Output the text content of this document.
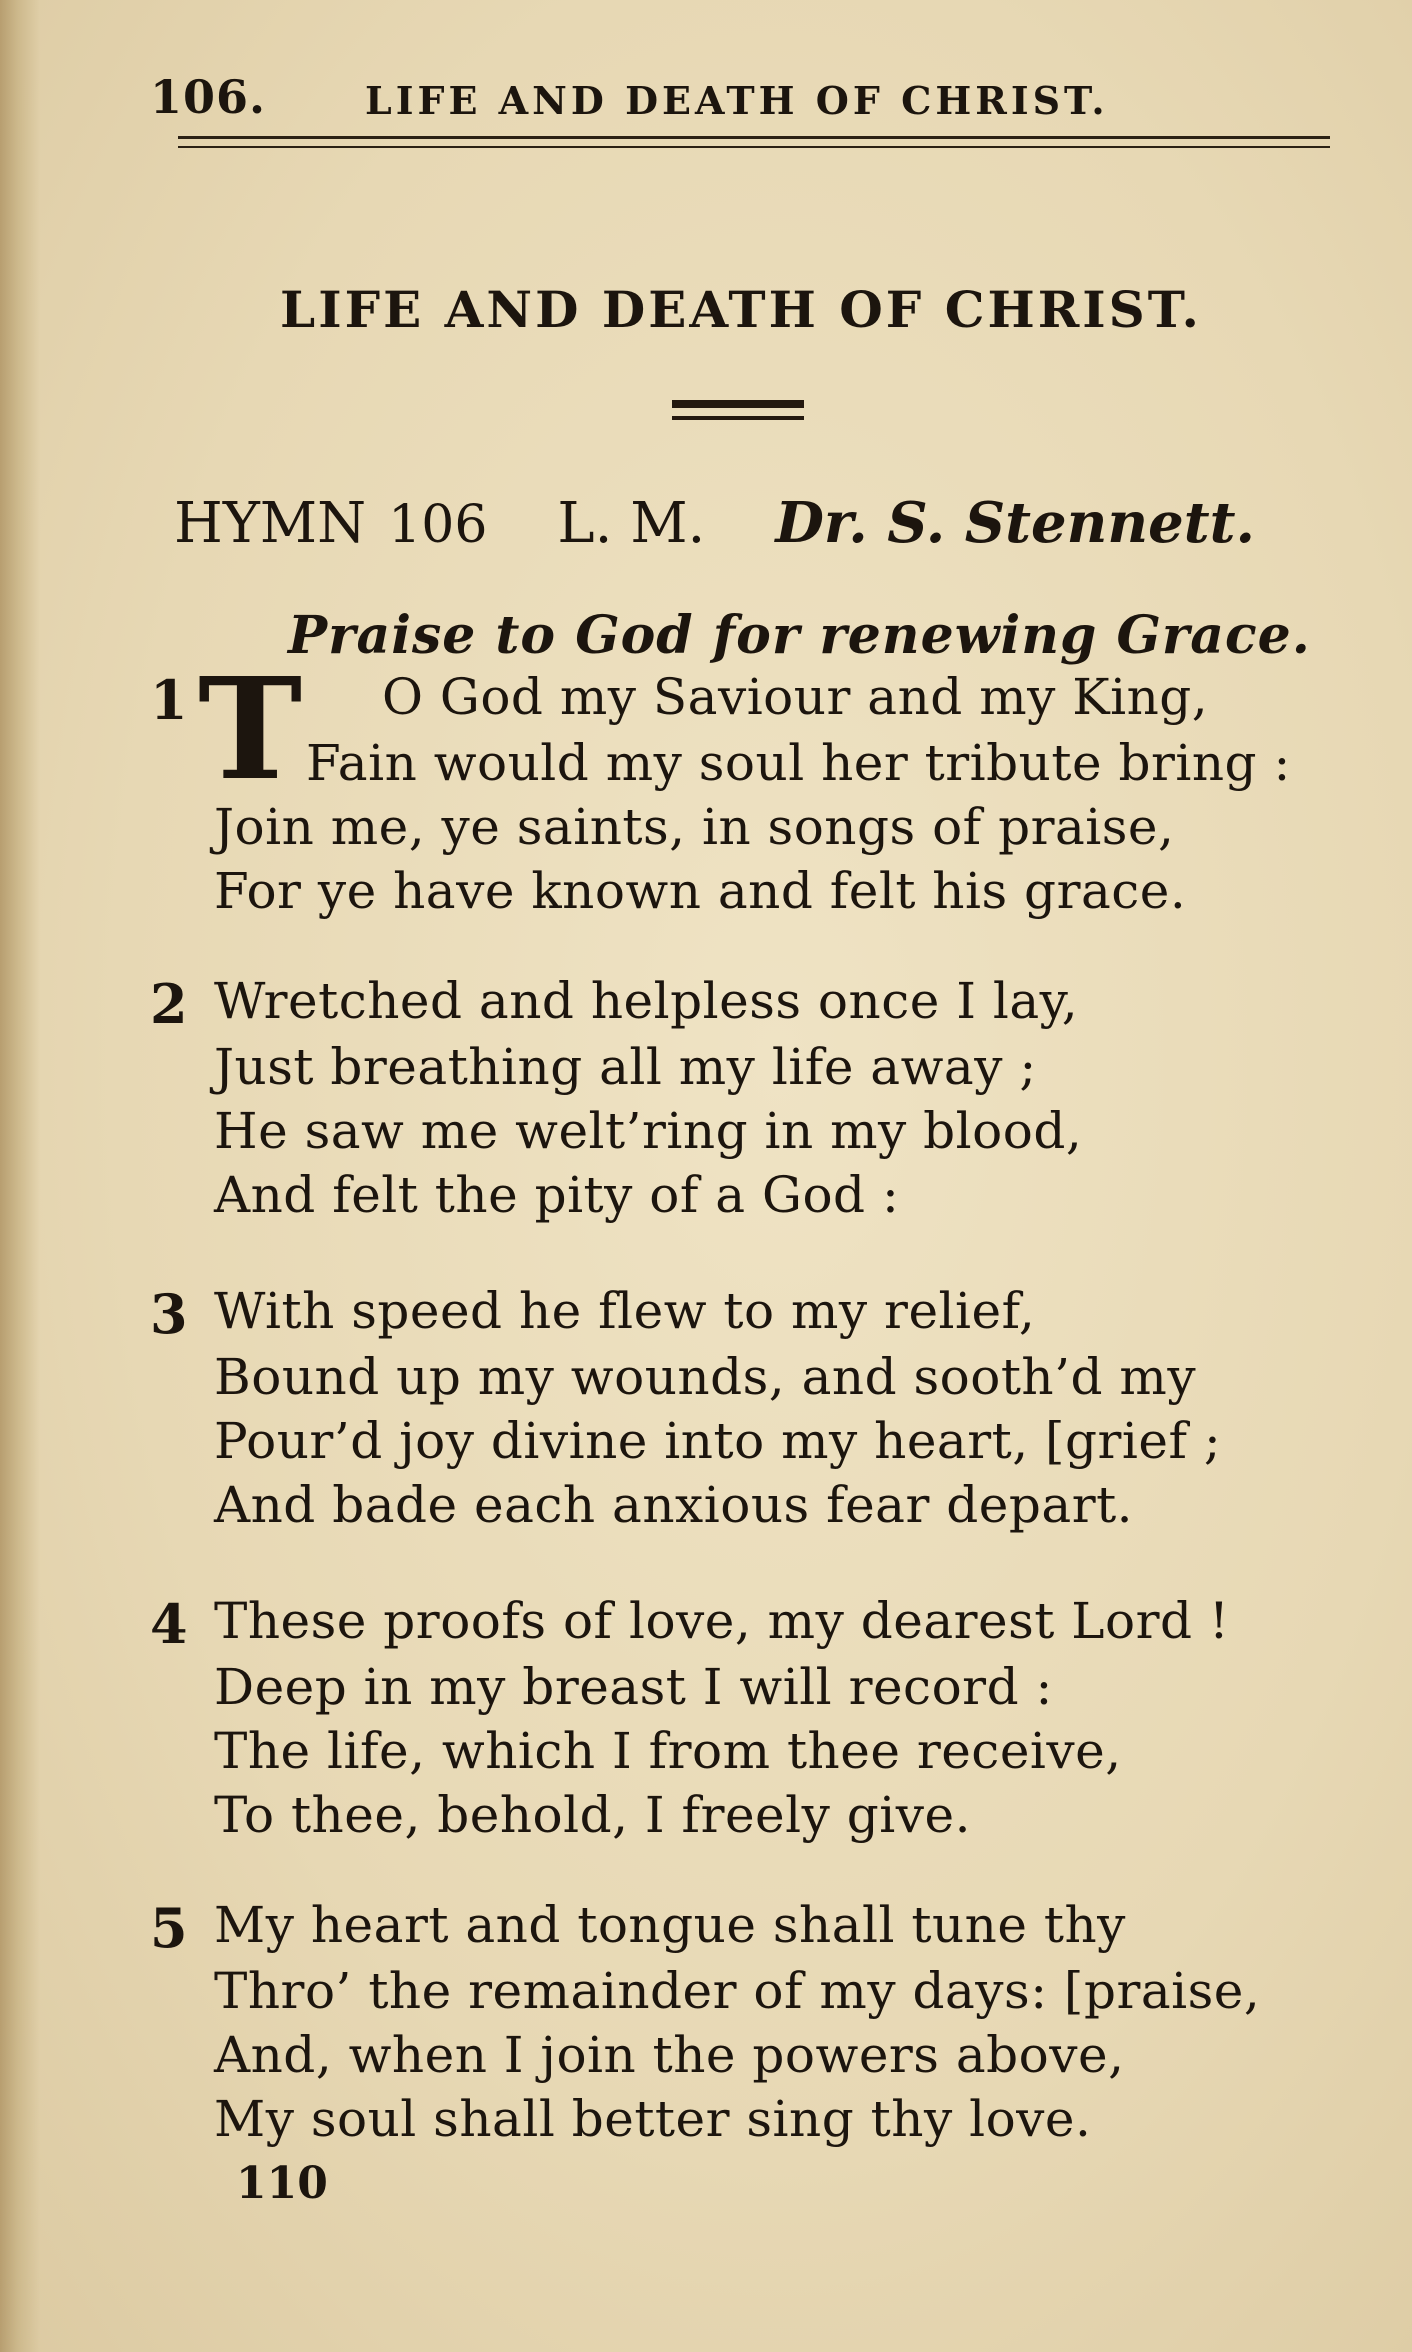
106.	LIFE AND DEATH OF CHRIST.
LIFE AND DEATH OF CHRIST.
HYMN 106 L. M. Dr. S. Stennett.
Praise to God for renewing Grace.
T
1	O God my Saviour and my King,
Fain would my soul her tribute bring :
Join me, ye saints, in songs of praise,
For ye have known and felt his grace.
2 Wretched and helpless once I lay,
Just breathing all my life away ;
He saw me welt’ring in my blood,
And felt the pity of a God :
3 With speed he flew to my relief,
Bound up my wounds, and sooth’d my
Pour’d joy divine into my heart, [grief ;
And bade each anxious fear depart.
4 These proofs of love, my dearest Lord !
Deep in my breast I will record :
The life, which I from thee receive,
To thee, behold, I freely give.
5 My heart and tongue shall tune thy
Thro’ the remainder of my days: [praise,
And, when I join the powers above,
My soul shall better sing thy love.
110
